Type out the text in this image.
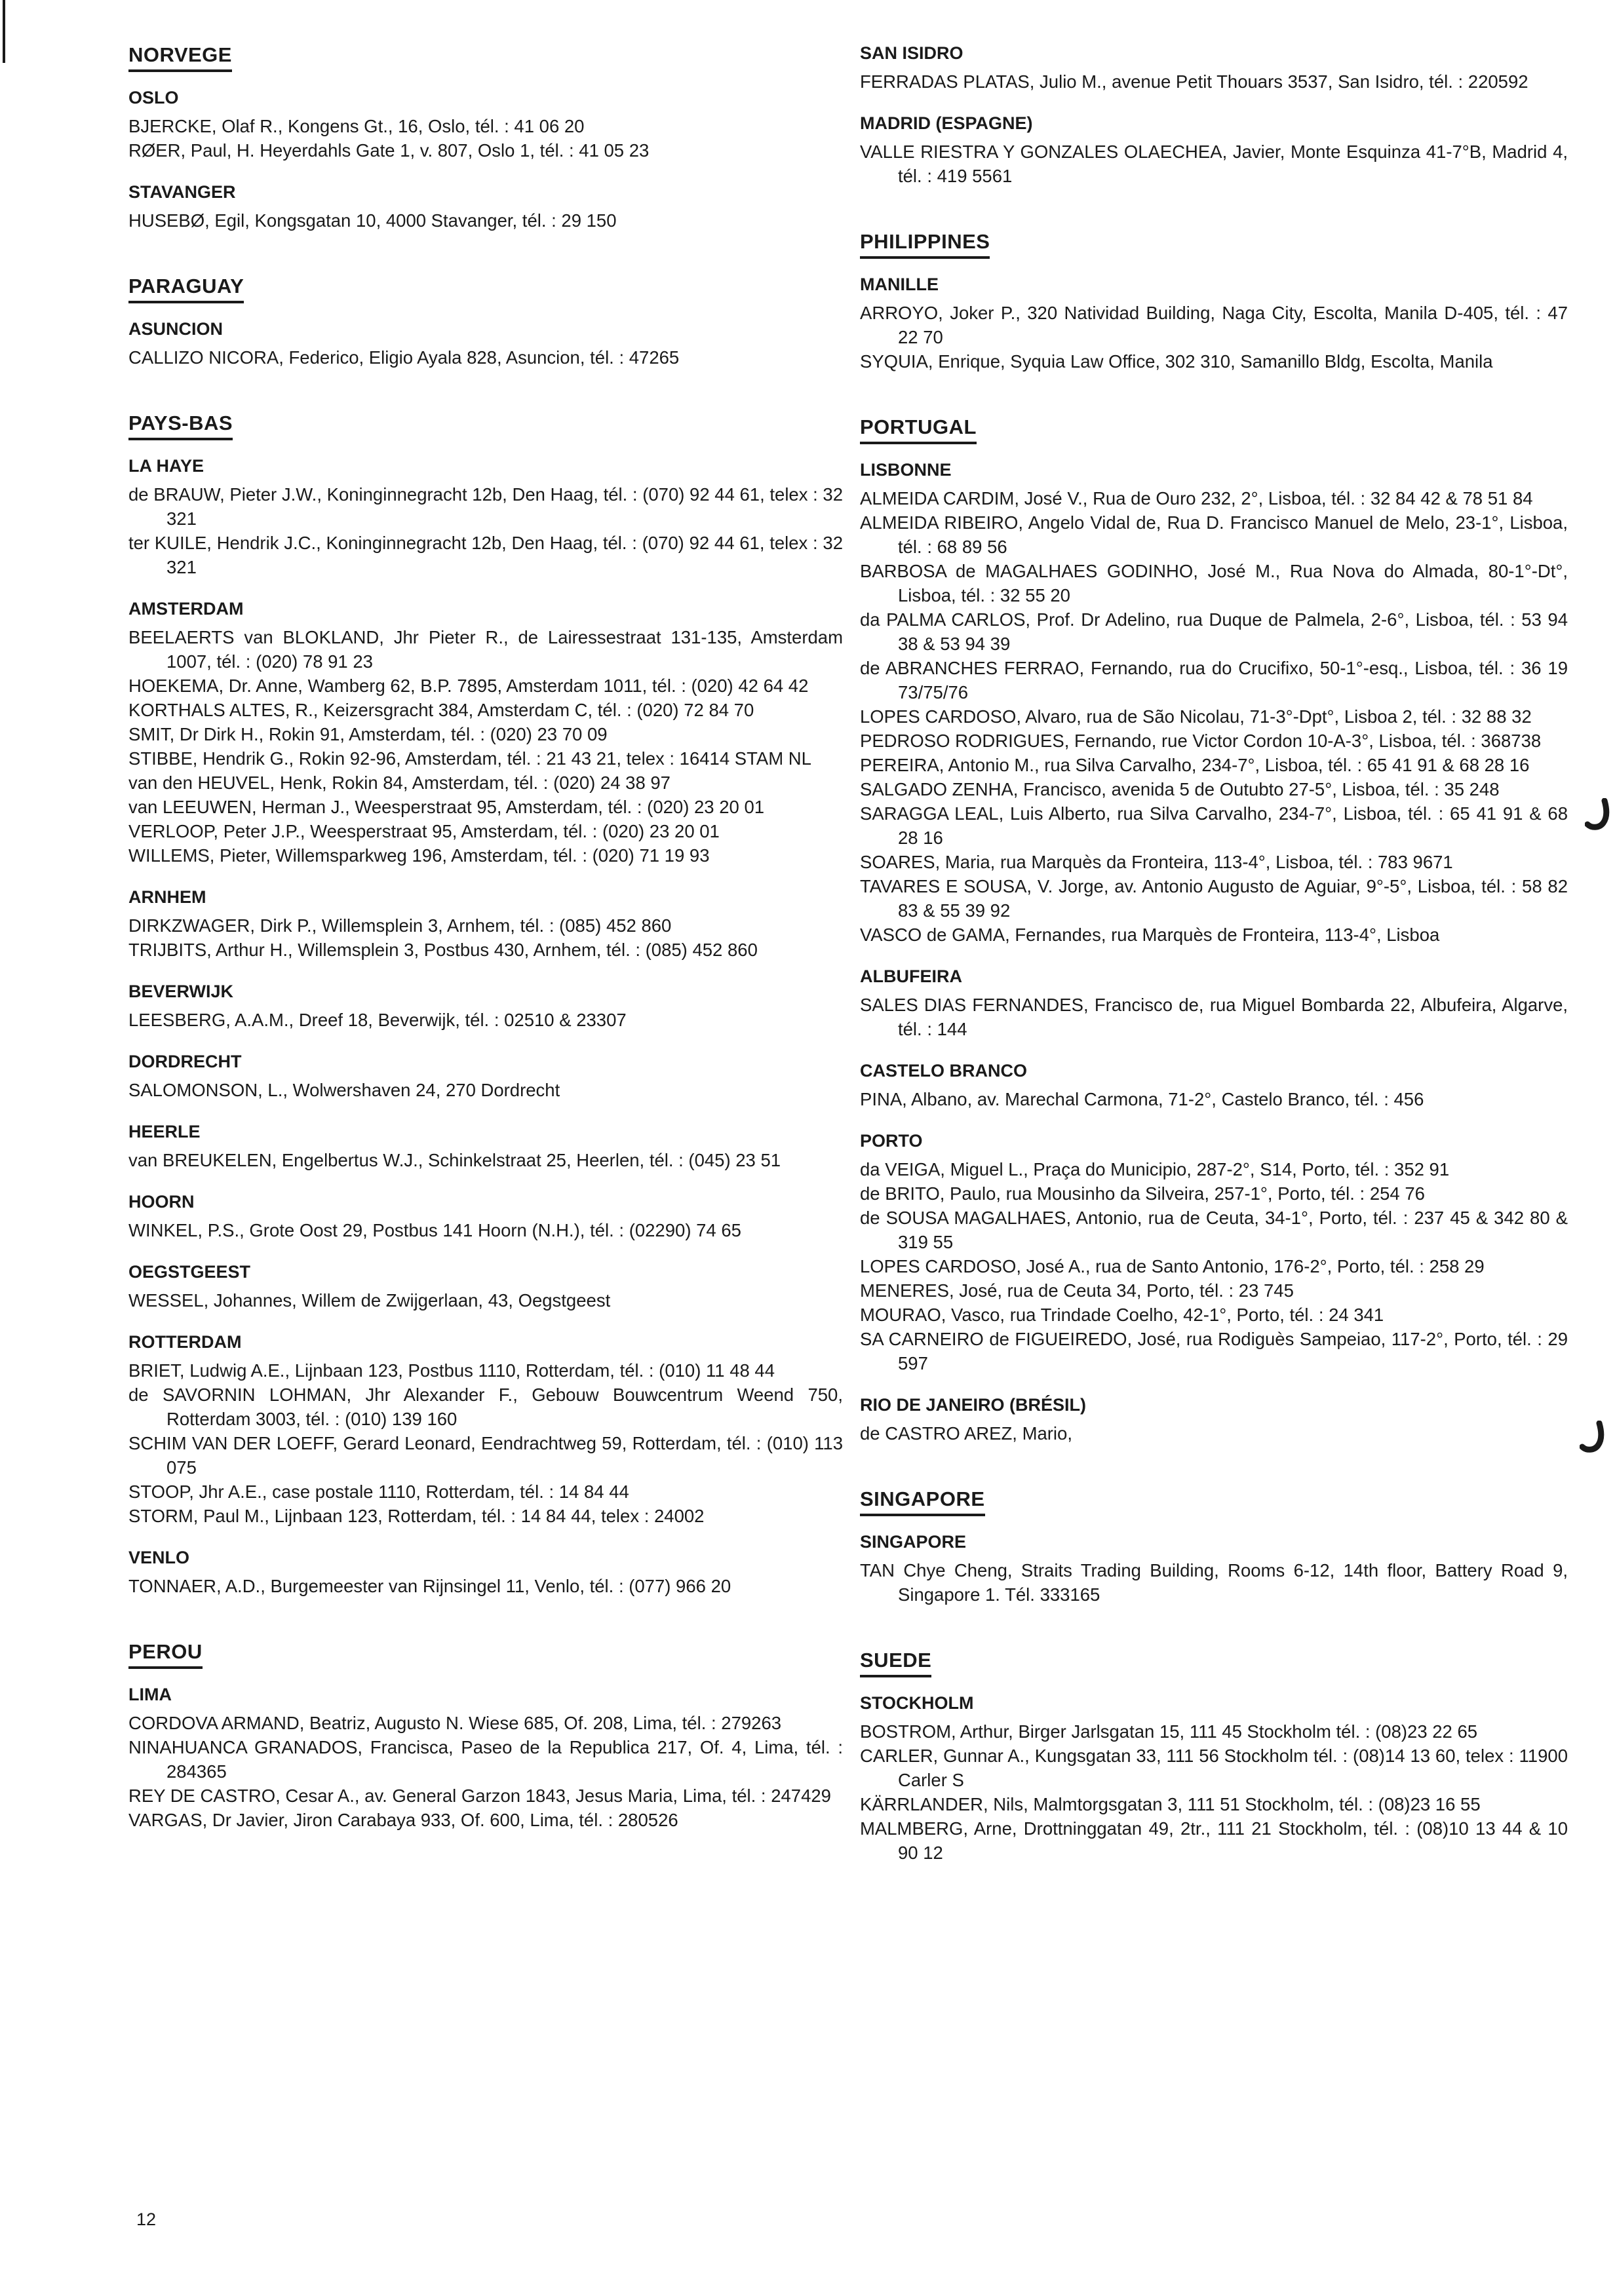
NORVEGE
OSLO
BJERCKE, Olaf R., Kongens Gt., 16, Oslo, tél. : 41 06 20
RØER, Paul, H. Heyerdahls Gate 1, v. 807, Oslo 1, tél. : 41 05 23
STAVANGER
HUSEBØ, Egil, Kongsgatan 10, 4000 Stavanger, tél. : 29 150
PARAGUAY
ASUNCION
CALLIZO NICORA, Federico, Eligio Ayala 828, Asuncion, tél. : 47265
PAYS-BAS
LA HAYE
de BRAUW, Pieter J.W., Koninginnegracht 12b, Den Haag, tél. : (070) 92 44 61, telex : 32 321
ter KUILE, Hendrik J.C., Koninginnegracht 12b, Den Haag, tél. : (070) 92 44 61, telex : 32 321
AMSTERDAM
BEELAERTS van BLOKLAND, Jhr Pieter R., de Lairessestraat 131-135, Amsterdam 1007, tél. : (020) 78 91 23
HOEKEMA, Dr. Anne, Wamberg 62, B.P. 7895, Amsterdam 1011, tél. : (020) 42 64 42
KORTHALS ALTES, R., Keizersgracht 384, Amsterdam C, tél. : (020) 72 84 70
SMIT, Dr Dirk H., Rokin 91, Amsterdam, tél. : (020) 23 70 09
STIBBE, Hendrik G., Rokin 92-96, Amsterdam, tél. : 21 43 21, telex : 16414 STAM NL
van den HEUVEL, Henk, Rokin 84, Amsterdam, tél. : (020) 24 38 97
van LEEUWEN, Herman J., Weesperstraat 95, Amsterdam, tél. : (020) 23 20 01
VERLOOP, Peter J.P., Weesperstraat 95, Amsterdam, tél. : (020) 23 20 01
WILLEMS, Pieter, Willemsparkweg 196, Amsterdam, tél. : (020) 71 19 93
ARNHEM
DIRKZWAGER, Dirk P., Willemsplein 3, Arnhem, tél. : (085) 452 860
TRIJBITS, Arthur H., Willemsplein 3, Postbus 430, Arnhem, tél. : (085) 452 860
BEVERWIJK
LEESBERG, A.A.M., Dreef 18, Beverwijk, tél. : 02510 & 23307
DORDRECHT
SALOMONSON, L., Wolwershaven 24, 270 Dordrecht
HEERLE
van BREUKELEN, Engelbertus W.J., Schinkelstraat 25, Heerlen, tél. : (045) 23 51
HOORN
WINKEL, P.S., Grote Oost 29, Postbus 141 Hoorn (N.H.), tél. : (02290) 74 65
OEGSTGEEST
WESSEL, Johannes, Willem de Zwijgerlaan, 43, Oegstgeest
ROTTERDAM
BRIET, Ludwig A.E., Lijnbaan 123, Postbus 1110, Rotterdam, tél. : (010) 11 48 44
de SAVORNIN LOHMAN, Jhr Alexander F., Gebouw Bouwcentrum Weend 750, Rotterdam 3003, tél. : (010) 139 160
SCHIM VAN DER LOEFF, Gerard Leonard, Eendrachtweg 59, Rotterdam, tél. : (010) 113 075
STOOP, Jhr A.E., case postale 1110, Rotterdam, tél. : 14 84 44
STORM, Paul M., Lijnbaan 123, Rotterdam, tél. : 14 84 44, telex : 24002
VENLO
TONNAER, A.D., Burgemeester van Rijnsingel 11, Venlo, tél. : (077) 966 20
PEROU
LIMA
CORDOVA ARMAND, Beatriz, Augusto N. Wiese 685, Of. 208, Lima, tél. : 279263
NINAHUANCA GRANADOS, Francisca, Paseo de la Republica 217, Of. 4, Lima, tél. : 284365
REY DE CASTRO, Cesar A., av. General Garzon 1843, Jesus Maria, Lima, tél. : 247429
VARGAS, Dr Javier, Jiron Carabaya 933, Of. 600, Lima, tél. : 280526
SAN ISIDRO
FERRADAS PLATAS, Julio M., avenue Petit Thouars 3537, San Isidro, tél. : 220592
MADRID (ESPAGNE)
VALLE RIESTRA Y GONZALES OLAECHEA, Javier, Monte Esquinza 41-7°B, Madrid 4, tél. : 419 5561
PHILIPPINES
MANILLE
ARROYO, Joker P., 320 Natividad Building, Naga City, Escolta, Manila D-405, tél. : 47 22 70
SYQUIA, Enrique, Syquia Law Office, 302 310, Samanillo Bldg, Escolta, Manila
PORTUGAL
LISBONNE
ALMEIDA CARDIM, José V., Rua de Ouro 232, 2°, Lisboa, tél. : 32 84 42 & 78 51 84
ALMEIDA RIBEIRO, Angelo Vidal de, Rua D. Francisco Manuel de Melo, 23-1°, Lisboa, tél. : 68 89 56
BARBOSA de MAGALHAES GODINHO, José M., Rua Nova do Almada, 80-1°-Dt°, Lisboa, tél. : 32 55 20
da PALMA CARLOS, Prof. Dr Adelino, rua Duque de Palmela, 2-6°, Lisboa, tél. : 53 94 38 & 53 94 39
de ABRANCHES FERRAO, Fernando, rua do Crucifixo, 50-1°-esq., Lisboa, tél. : 36 19 73/75/76
LOPES CARDOSO, Alvaro, rua de São Nicolau, 71-3°-Dpt°, Lisboa 2, tél. : 32 88 32
PEDROSO RODRIGUES, Fernando, rue Victor Cordon 10-A-3°, Lisboa, tél. : 368738
PEREIRA, Antonio M., rua Silva Carvalho, 234-7°, Lisboa, tél. : 65 41 91 & 68 28 16
SALGADO ZENHA, Francisco, avenida 5 de Outubto 27-5°, Lisboa, tél. : 35 248
SARAGGA LEAL, Luis Alberto, rua Silva Carvalho, 234-7°, Lisboa, tél. : 65 41 91 & 68 28 16
SOARES, Maria, rua Marquès da Fronteira, 113-4°, Lisboa, tél. : 783 9671
TAVARES E SOUSA, V. Jorge, av. Antonio Augusto de Aguiar, 9°-5°, Lisboa, tél. : 58 82 83 & 55 39 92
VASCO de GAMA, Fernandes, rua Marquès de Fronteira, 113-4°, Lisboa
ALBUFEIRA
SALES DIAS FERNANDES, Francisco de, rua Miguel Bombarda 22, Albufeira, Algarve, tél. : 144
CASTELO BRANCO
PINA, Albano, av. Marechal Carmona, 71-2°, Castelo Branco, tél. : 456
PORTO
da VEIGA, Miguel L., Praça do Municipio, 287-2°, S14, Porto, tél. : 352 91
de BRITO, Paulo, rua Mousinho da Silveira, 257-1°, Porto, tél. : 254 76
de SOUSA MAGALHAES, Antonio, rua de Ceuta, 34-1°, Porto, tél. : 237 45 & 342 80 & 319 55
LOPES CARDOSO, José A., rua de Santo Antonio, 176-2°, Porto, tél. : 258 29
MENERES, José, rua de Ceuta 34, Porto, tél. : 23 745
MOURAO, Vasco, rua Trindade Coelho, 42-1°, Porto, tél. : 24 341
SA CARNEIRO de FIGUEIREDO, José, rua Rodiguès Sampeiao, 117-2°, Porto, tél. : 29 597
RIO DE JANEIRO (BRÉSIL)
de CASTRO AREZ, Mario,
SINGAPORE
SINGAPORE
TAN Chye Cheng, Straits Trading Building, Rooms 6-12, 14th floor, Battery Road 9, Singapore 1. Tél. 333165
SUEDE
STOCKHOLM
BOSTROM, Arthur, Birger Jarlsgatan 15, 111 45 Stockholm tél. : (08)23 22 65
CARLER, Gunnar A., Kungsgatan 33, 111 56 Stockholm tél. : (08)14 13 60, telex : 11900 Carler S
KÄRRLANDER, Nils, Malmtorgsgatan 3, 111 51 Stockholm, tél. : (08)23 16 55
MALMBERG, Arne, Drottninggatan 49, 2tr., 111 21 Stockholm, tél. : (08)10 13 44 & 10 90 12
12
